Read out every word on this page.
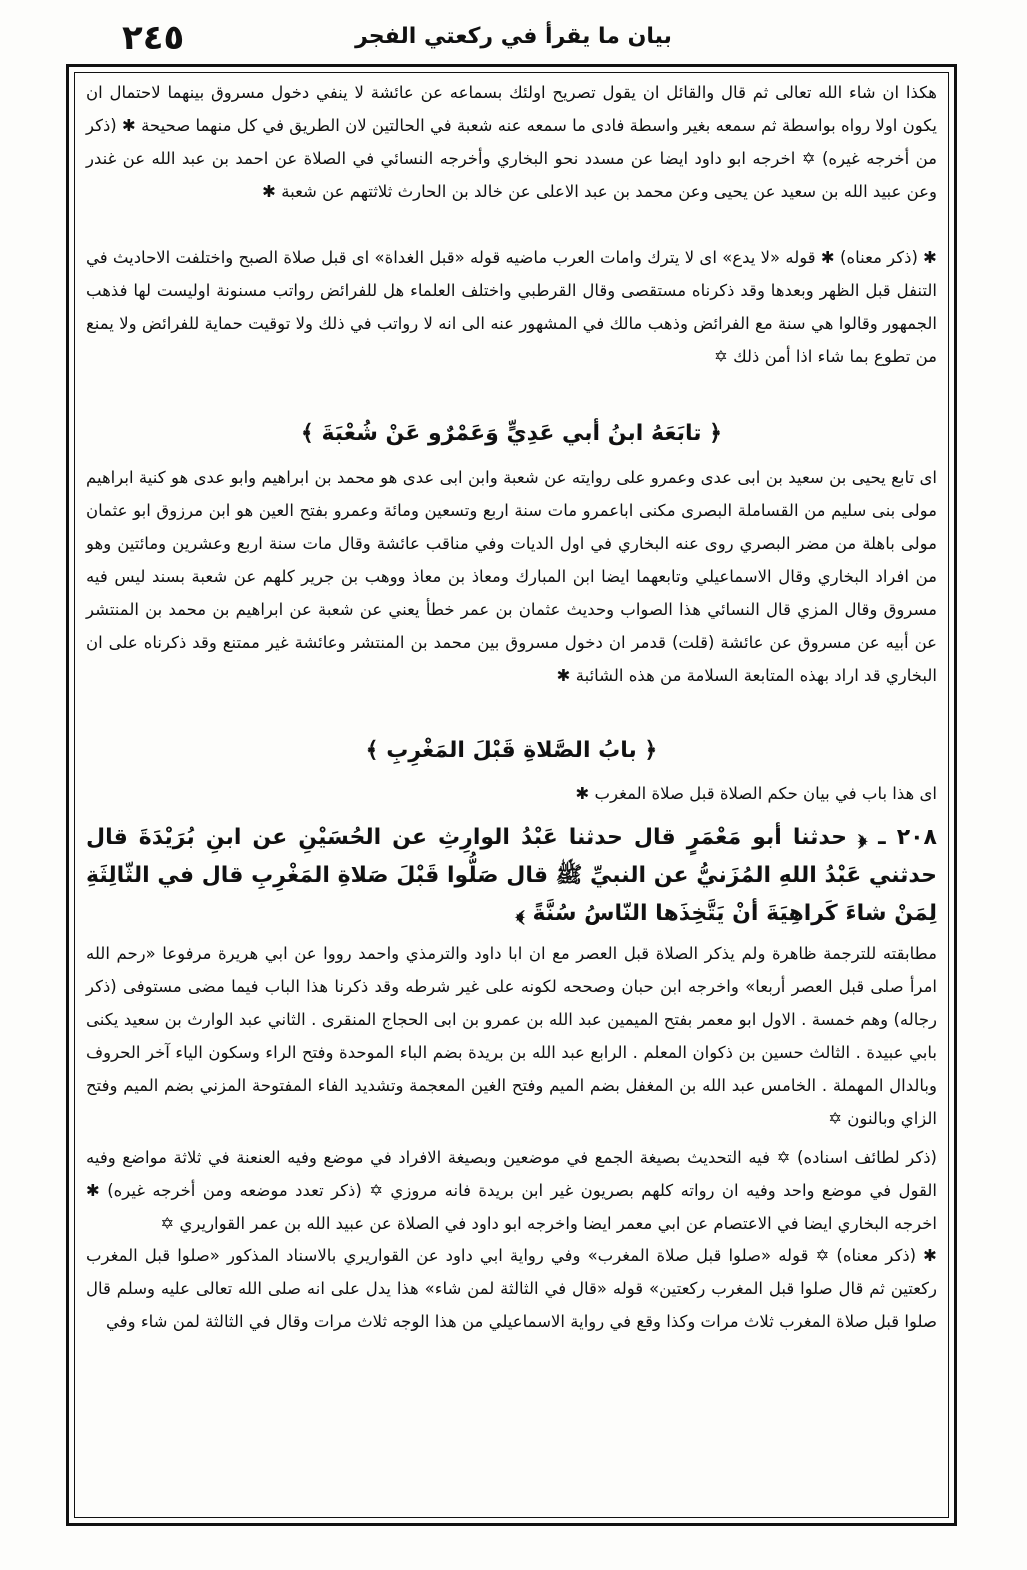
٢٤٥	بيان ما يقرأ في ركعتي الفجر

هكذا ان شاء الله تعالى ثم قال والقائل ان يقول تصريح اولئك بسماعه عن عائشة لا ينفي دخول مسروق بينهما لاحتمال ان يكون اولا رواه بواسطة ثم سمعه بغير واسطة فادى ما سمعه عنه شعبة في الحالتين لان الطريق في كل منهما صحيحة ✱ (ذكر من أخرجه غيره) ✡ اخرجه ابو داود ايضا عن مسدد نحو البخاري وأخرجه النسائي في الصلاة عن احمد بن عبد الله عن غندر وعن عبيد الله بن سعيد عن يحيى وعن محمد بن عبد الاعلى عن خالد بن الحارث ثلاثتهم عن شعبة ✱

✱ (ذكر معناه) ✱ قوله «لا يدع» اى لا يترك وامات العرب ماضيه قوله «قبل الغداة» اى قبل صلاة الصبح واختلفت الاحاديث في التنفل قبل الظهر وبعدها وقد ذكرناه مستقصى وقال القرطبي واختلف العلماء هل للفرائض رواتب مسنونة اوليست لها فذهب الجمهور وقالوا هي سنة مع الفرائض وذهب مالك في المشهور عنه الى انه لا رواتب في ذلك ولا توقيت حماية للفرائض ولا يمنع من تطوع بما شاء اذا أمن ذلك ✡

﴿ تابَعَهُ ابنُ أبي عَدِيٍّ وَعَمْرٌو عَنْ شُعْبَةَ ﴾

اى تابع يحيى بن سعيد بن ابى عدى وعمرو على روايته عن شعبة وابن ابى عدى هو محمد بن ابراهيم وابو عدى هو كنية ابراهيم مولى بنى سليم من القساملة البصرى مكنى اباعمرو مات سنة اربع وتسعين ومائة وعمرو بفتح العين هو ابن مرزوق ابو عثمان مولى باهلة من مضر البصري روى عنه البخاري في اول الديات وفي مناقب عائشة وقال مات سنة اربع وعشرين ومائتين وهو من افراد البخاري وقال الاسماعيلي وتابعهما ايضا ابن المبارك ومعاذ بن معاذ ووهب بن جرير كلهم عن شعبة بسند ليس فيه مسروق وقال المزي قال النسائي هذا الصواب وحديث عثمان بن عمر خطأ يعني عن شعبة عن ابراهيم بن محمد بن المنتشر عن أبيه عن مسروق عن عائشة (قلت) قدمر ان دخول مسروق بين محمد بن المنتشر وعائشة غير ممتنع وقد ذكرناه على ان البخاري قد اراد بهذه المتابعة السلامة من هذه الشائبة ✱

﴿ بابُ الصَّلاةِ قَبْلَ المَغْرِبِ ﴾

اى هذا باب في بيان حكم الصلاة قبل صلاة المغرب ✱

٢٠٨ ـ ﴿ حدثنا أبو مَعْمَرٍ قال حدثنا عَبْدُ الوارِثِ عن الحُسَيْنِ عن ابنِ بُرَيْدَةَ قال حدثني عَبْدُ اللهِ المُزَنيُّ عن النبيِّ ﷺ قال صَلُّوا قَبْلَ صَلاةِ المَغْرِبِ قال في الثّالِثَةِ لِمَنْ شاءَ كَراهِيَةَ أنْ يَتَّخِذَها النّاسُ سُنَّةً ﴾

مطابقته للترجمة ظاهرة ولم يذكر الصلاة قبل العصر مع ان ابا داود والترمذي واحمد رووا عن ابي هريرة مرفوعا «رحم الله امرأ صلى قبل العصر أربعا» واخرجه ابن حبان وصححه لكونه على غير شرطه وقد ذكرنا هذا الباب فيما مضى مستوفى (ذكر رجاله) وهم خمسة . الاول ابو معمر بفتح الميمين عبد الله بن عمرو بن ابى الحجاج المنقرى . الثاني عبد الوارث بن سعيد يكنى بابي عبيدة . الثالث حسين بن ذكوان المعلم . الرابع عبد الله بن بريدة بضم الباء الموحدة وفتح الراء وسكون الياء آخر الحروف وبالدال المهملة . الخامس عبد الله بن المغفل بضم الميم وفتح الغين المعجمة وتشديد الفاء المفتوحة المزني بضم الميم وفتح الزاي وبالنون ✡

(ذكر لطائف اسناده) ✡ فيه التحديث بصيغة الجمع في موضعين وبصيغة الافراد في موضع وفيه العنعنة في ثلاثة مواضع وفيه القول في موضع واحد وفيه ان رواته كلهم بصريون غير ابن بريدة فانه مروزي ✡ (ذكر تعدد موضعه ومن أخرجه غيره) ✱ اخرجه البخاري ايضا في الاعتصام عن ابي معمر ايضا واخرجه ابو داود في الصلاة عن عبيد الله بن عمر القواريري ✡

✱ (ذكر معناه) ✡ قوله «صلوا قبل صلاة المغرب» وفي رواية ابي داود عن القواريري بالاسناد المذكور «صلوا قبل المغرب ركعتين ثم قال صلوا قبل المغرب ركعتين» قوله «قال في الثالثة لمن شاء» هذا يدل على انه صلى الله تعالى عليه وسلم قال صلوا قبل صلاة المغرب ثلاث مرات وكذا وقع في رواية الاسماعيلي من هذا الوجه ثلاث مرات وقال في الثالثة لمن شاء وفي
